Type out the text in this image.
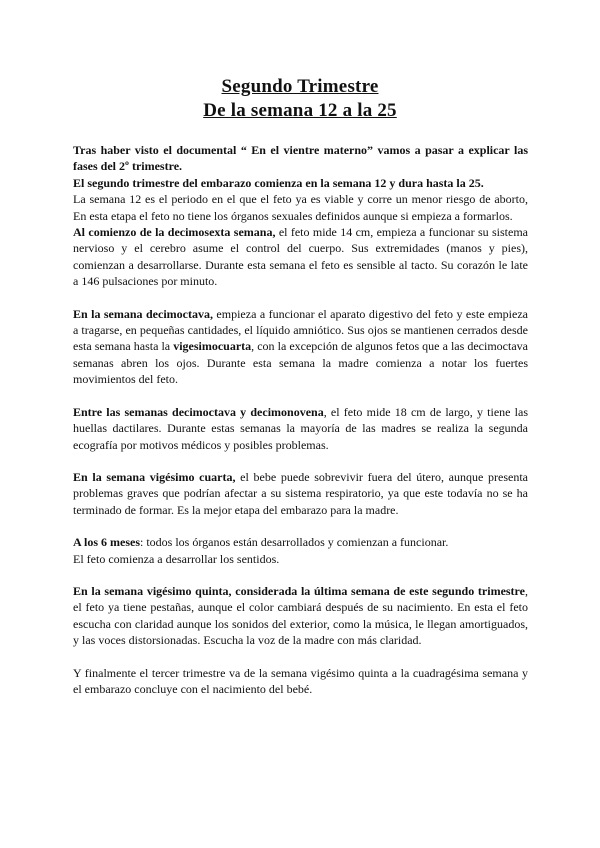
Segundo Trimestre
De la semana 12 a la 25

Tras haber visto el documental “ En el vientre materno” vamos a pasar a explicar las fases del 2º trimestre.

El segundo trimestre del embarazo comienza en la semana 12 y dura hasta la 25.

La semana 12 es el periodo en el que el feto ya es viable y corre un menor riesgo de aborto, En esta etapa el feto no tiene los órganos sexuales definidos aunque si empieza a formarlos.

Al comienzo de la decimosexta semana, el feto mide 14 cm, empieza a funcionar su sistema nervioso y el cerebro asume el control del cuerpo. Sus extremidades (manos y pies), comienzan a desarrollarse. Durante esta semana el feto es sensible al tacto. Su corazón le late a 146 pulsaciones por minuto.

En la semana decimoctava, empieza a funcionar el aparato digestivo del feto y este empieza a tragarse, en pequeñas cantidades, el líquido amniótico. Sus ojos se mantienen cerrados desde esta semana hasta la vigesimocuarta, con la excepción de algunos fetos que a las decimoctava semanas abren los ojos. Durante esta semana la madre comienza a notar los fuertes movimientos del feto.

Entre las semanas decimoctava y decimonovena, el feto mide 18 cm de largo, y tiene las huellas dactilares. Durante estas semanas la mayoría de las madres se realiza la segunda ecografía por motivos médicos y posibles problemas.

En la semana vigésimo cuarta, el bebe puede sobrevivir fuera del útero, aunque presenta problemas graves que podrían afectar a su sistema respiratorio, ya que este todavía no se ha terminado de formar. Es la mejor etapa del embarazo para la madre.

A los 6 meses: todos los órganos están desarrollados y comienzan a funcionar.

El feto comienza a desarrollar los sentidos.

En la semana vigésimo quinta, considerada la última semana de este segundo trimestre, el feto ya tiene pestañas, aunque el color cambiará después de su nacimiento. En esta el feto escucha con claridad aunque los sonidos del exterior, como la música, le llegan amortiguados, y las voces distorsionadas. Escucha la voz de la madre con más claridad.

Y finalmente el tercer trimestre va de la semana vigésimo quinta a la cuadragésima semana y el embarazo concluye con el nacimiento del bebé.
